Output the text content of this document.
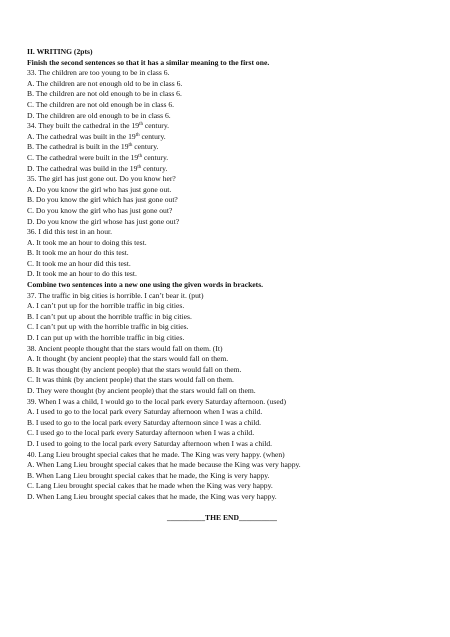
II. WRITING (2pts)
Finish the second sentences so that it has a similar meaning to the first one.
33. The children are too young to be in class 6.
A. The children are not enough old to be in class 6.
B. The children are not old enough to be in class 6.
C. The children are not old enough be in class 6.
D. The children are old enough to be in class 6.
34. They built the cathedral in the 19th century.
A. The cathedral was built in the 19th century.
B. The cathedral is built in the 19th century.
C. The cathedral were built in the 19th century.
D. The cathedral was build in the 19th century.
35. The girl has just gone out. Do you know her?
A. Do you know the girl who has just gone out.
B. Do you know the girl which has just gone out?
C. Do you know the girl who has just gone out?
D. Do you know the girl whose has just gone out?
36. I did this test in an hour.
A. It took me an hour to doing this test.
B. It took me an hour do this test.
C. It took me an hour did this test.
D. It took me an hour to do this test.
Combine two sentences into a new one using the given words in brackets.
37. The traffic in big cities is horrible. I can’t bear it. (put)
A. I can’t put up for the horrible traffic in big cities.
B. I can’t put up about the horrible traffic in big cities.
C. I can’t put up with the horrible traffic in big cities.
D. I can put up with the horrible traffic in big cities.
38. Ancient people thought that the stars would fall on them. (It)
A. It thought (by ancient people) that the stars would fall on them.
B. It was thought (by ancient people) that the stars would fall on them.
C. It was think (by ancient people) that the stars would fall on them.
D. They were thought (by ancient people) that the stars would fall on them.
39. When I was a child, I would go to the local park every Saturday afternoon. (used)
A. I used to go to the local park every Saturday afternoon when I was a child.
B. I used to go to the local park every Saturday afternoon since I was a child.
C. I used go to the local park every Saturday afternoon when I was a child.
D. I used to going to the local park every Saturday afternoon when I was a child.
40. Lang Lieu brought special cakes that he made. The King was very happy. (when)
A. When Lang Lieu brought special cakes that he made because the King was very happy.
B. When Lang Lieu brought special cakes that he made, the King is very happy.
C. Lang Lieu brought special cakes that he made when the King was very happy.
D. When Lang Lieu brought special cakes that he made, the King was very happy.
__________THE END__________
